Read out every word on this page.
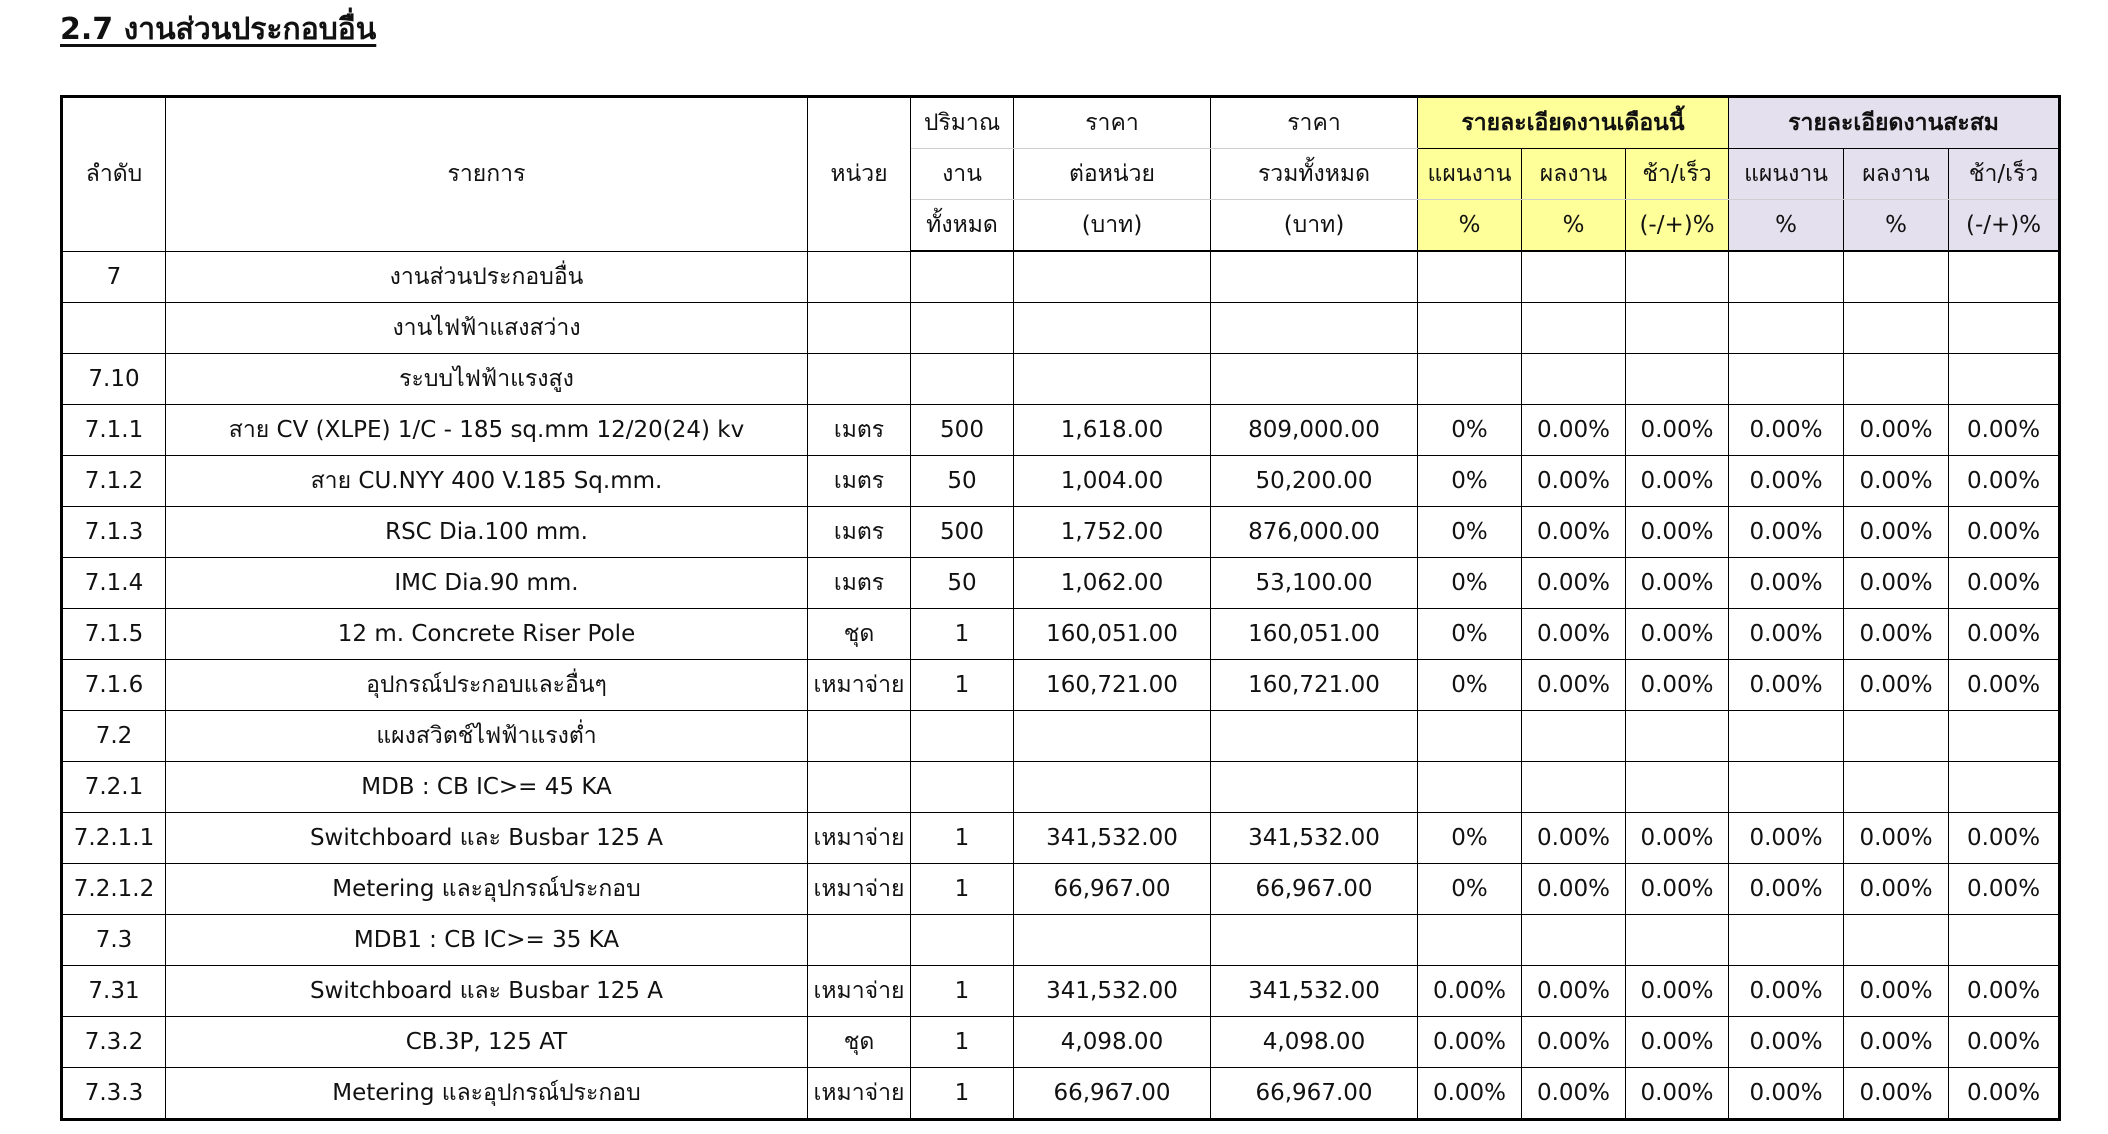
2.7 งานส่วนประกอบอื่น
ลำดับ	รายการ	หน่วย	ปริมาณ	ราคา	ราคา	รายละเอียดงานเดือนนี้			รายละเอียดงานสะสม		
			งาน	ต่อหน่วย	รวมทั้งหมด	แผนงาน	ผลงาน	ช้า/เร็ว	แผนงาน	ผลงาน	ช้า/เร็ว
			ทั้งหมด	(บาท)	(บาท)	%	%	(-/+)%	%	%	(-/+)%
7	งานส่วนประกอบอื่น										
	งานไฟฟ้าแสงสว่าง										
7.10	ระบบไฟฟ้าแรงสูง										
7.1.1	สาย CV (XLPE) 1/C - 185 sq.mm 12/20(24) kv	เมตร	500	1,618.00	809,000.00	0%	0.00%	0.00%	0.00%	0.00%	0.00%
7.1.2	สาย CU.NYY 400 V.185 Sq.mm.	เมตร	50	1,004.00	50,200.00	0%	0.00%	0.00%	0.00%	0.00%	0.00%
7.1.3	RSC Dia.100 mm.	เมตร	500	1,752.00	876,000.00	0%	0.00%	0.00%	0.00%	0.00%	0.00%
7.1.4	IMC Dia.90 mm.	เมตร	50	1,062.00	53,100.00	0%	0.00%	0.00%	0.00%	0.00%	0.00%
7.1.5	12 m. Concrete Riser Pole	ชุด	1	160,051.00	160,051.00	0%	0.00%	0.00%	0.00%	0.00%	0.00%
7.1.6	อุปกรณ์ประกอบและอื่นๆ	เหมาจ่าย	1	160,721.00	160,721.00	0%	0.00%	0.00%	0.00%	0.00%	0.00%
7.2	แผงสวิตช์ไฟฟ้าแรงต่ำ										
7.2.1	MDB : CB IC>= 45 KA										
7.2.1.1	Switchboard และ Busbar 125 A	เหมาจ่าย	1	341,532.00	341,532.00	0%	0.00%	0.00%	0.00%	0.00%	0.00%
7.2.1.2	Metering และอุปกรณ์ประกอบ	เหมาจ่าย	1	66,967.00	66,967.00	0%	0.00%	0.00%	0.00%	0.00%	0.00%
7.3	MDB1 : CB IC>= 35 KA										
7.31	Switchboard และ Busbar 125 A	เหมาจ่าย	1	341,532.00	341,532.00	0.00%	0.00%	0.00%	0.00%	0.00%	0.00%
7.3.2	CB.3P, 125 AT	ชุด	1	4,098.00	4,098.00	0.00%	0.00%	0.00%	0.00%	0.00%	0.00%
7.3.3	Metering และอุปกรณ์ประกอบ	เหมาจ่าย	1	66,967.00	66,967.00	0.00%	0.00%	0.00%	0.00%	0.00%	0.00%
